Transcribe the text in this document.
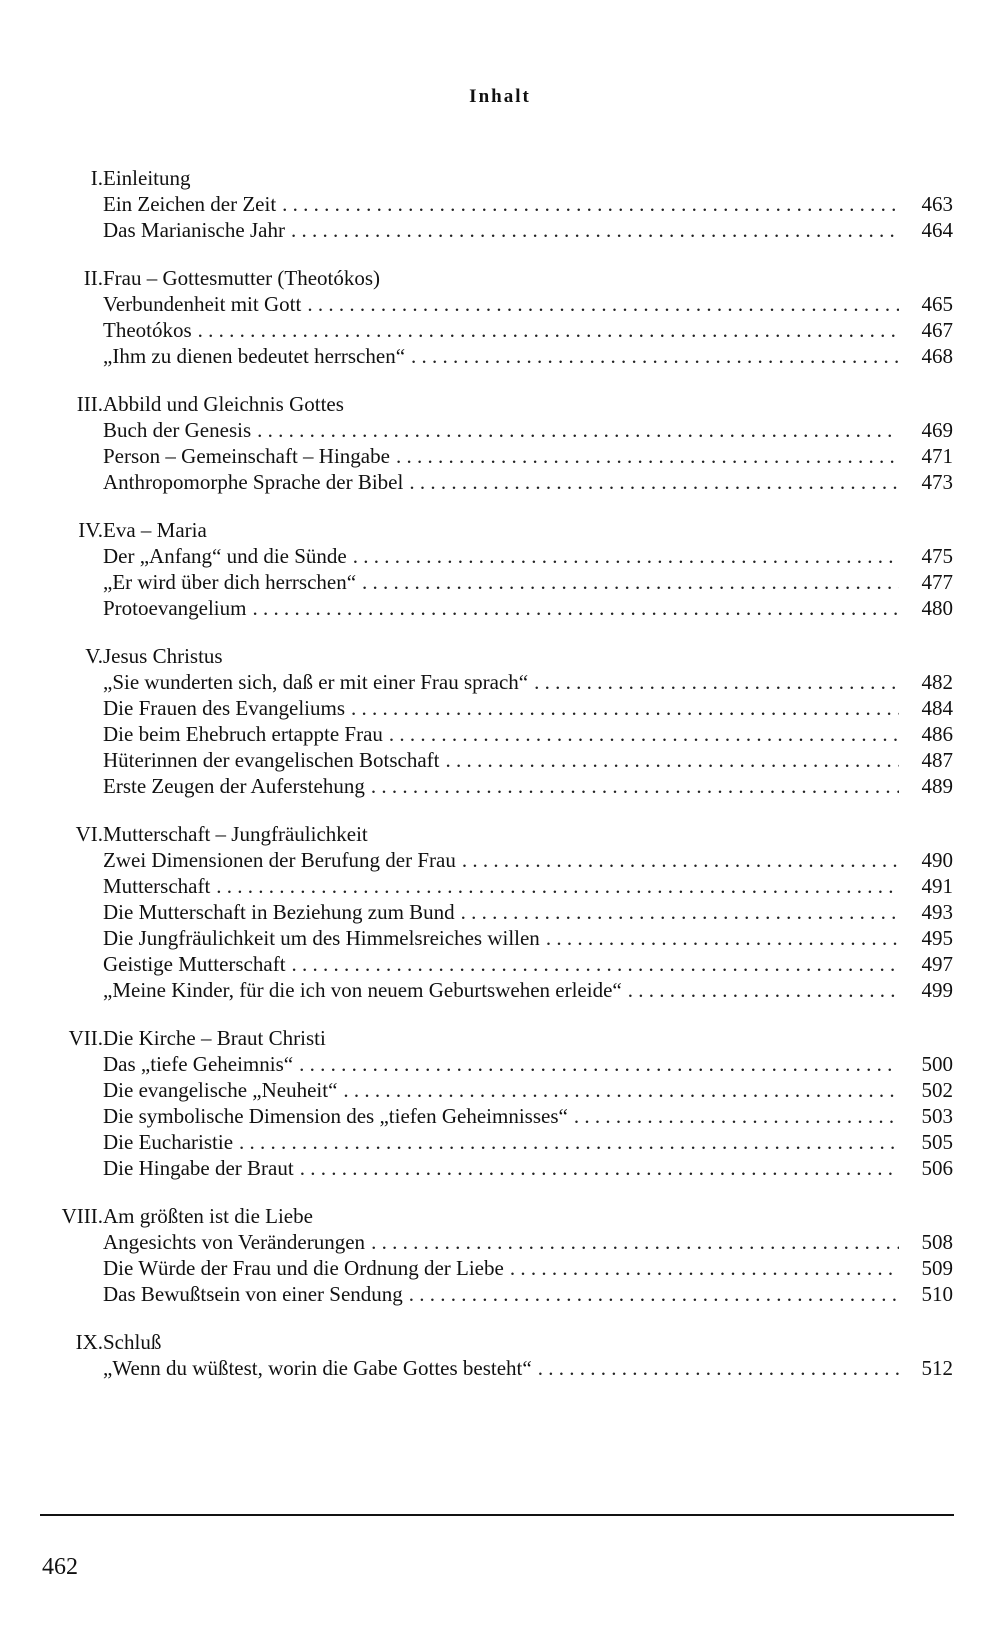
Inhalt
I. Einleitung
Ein Zeichen der Zeit . . .	463
Das Marianische Jahr . . .	464
II. Frau – Gottesmutter (Theotókos)
Verbundenheit mit Gott . . .	465
Theotókos . . .	467
„Ihm zu dienen bedeutet herrschen“ . . .	468
III. Abbild und Gleichnis Gottes
Buch der Genesis . . .	469
Person – Gemeinschaft – Hingabe . . .	471
Anthropomorphe Sprache der Bibel . . .	473
IV. Eva – Maria
Der „Anfang“ und die Sünde . . .	475
„Er wird über dich herrschen“ . . .	477
Protoevangelium . . .	480
V. Jesus Christus
„Sie wunderten sich, daß er mit einer Frau sprach“ . . .	482
Die Frauen des Evangeliums . . .	484
Die beim Ehebruch ertappte Frau . . .	486
Hüterinnen der evangelischen Botschaft . . .	487
Erste Zeugen der Auferstehung . . .	489
VI. Mutterschaft – Jungfräulichkeit
Zwei Dimensionen der Berufung der Frau . . .	490
Mutterschaft . . .	491
Die Mutterschaft in Beziehung zum Bund . . .	493
Die Jungfräulichkeit um des Himmelsreiches willen . . .	495
Geistige Mutterschaft . . .	497
„Meine Kinder, für die ich von neuem Geburtswehen erleide“ . . .	499
VII. Die Kirche – Braut Christi
Das „tiefe Geheimnis“ . . .	500
Die evangelische „Neuheit“ . . .	502
Die symbolische Dimension des „tiefen Geheimnisses“ . . .	503
Die Eucharistie . . .	505
Die Hingabe der Braut . . .	506
VIII. Am größten ist die Liebe
Angesichts von Veränderungen . . .	508
Die Würde der Frau und die Ordnung der Liebe . . .	509
Das Bewußtsein von einer Sendung . . .	510
IX. Schluß
„Wenn du wüßtest, worin die Gabe Gottes besteht“ . . .	512
462
